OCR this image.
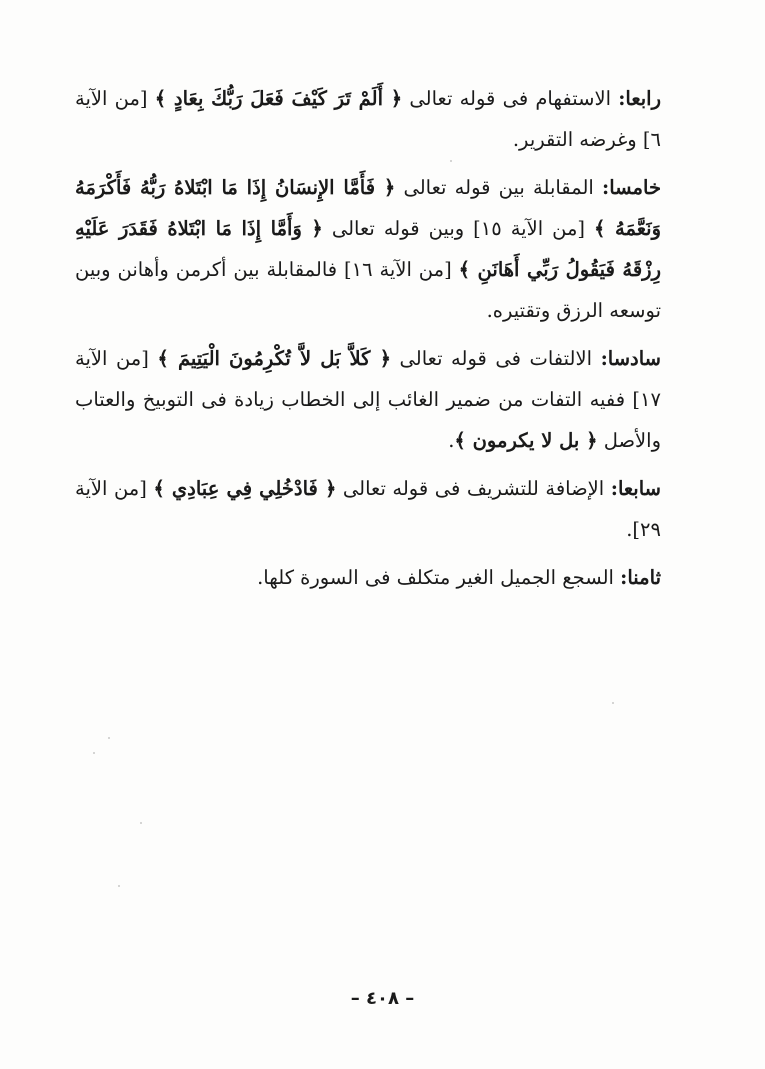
رابعا: الاستفهام فى قوله تعالى ﴿ أَلَمْ تَرَ كَيْفَ فَعَلَ رَبُّكَ بِعَادٍ ﴾ [من الآية ٦] وغرضه التقرير.

خامسا: المقابلة بين قوله تعالى ﴿ فَأَمَّا الإِنسَانُ إِذَا مَا ابْتَلاهُ رَبُّهُ فَأَكْرَمَهُ وَنَعَّمَهُ ﴾ [من الآية ١٥] وبين قوله تعالى ﴿ وَأَمَّا إِذَا مَا ابْتَلاهُ فَقَدَرَ عَلَيْهِ رِزْقَهُ فَيَقُولُ رَبِّي أَهَانَنِ ﴾ [من الآية ١٦] فالمقابلة بين أكرمن وأهانن وبين توسعه الرزق وتقتيره.

سادسا: الالتفات فى قوله تعالى ﴿ كَلاَّ بَل لاَّ تُكْرِمُونَ الْيَتِيمَ ﴾ [من الآية ١٧] ففيه التفات من ضمير الغائب إلى الخطاب زيادة فى التوبيخ والعتاب والأصل ﴿ بل لا يكرمون ﴾.

سابعا: الإضافة للتشريف فى قوله تعالى ﴿ فَادْخُلِي فِي عِبَادِي ﴾ [من الآية ٢٩].

ثامنا: السجع الجميل الغير متكلف فى السورة كلها.

– ٤٠٨ –
